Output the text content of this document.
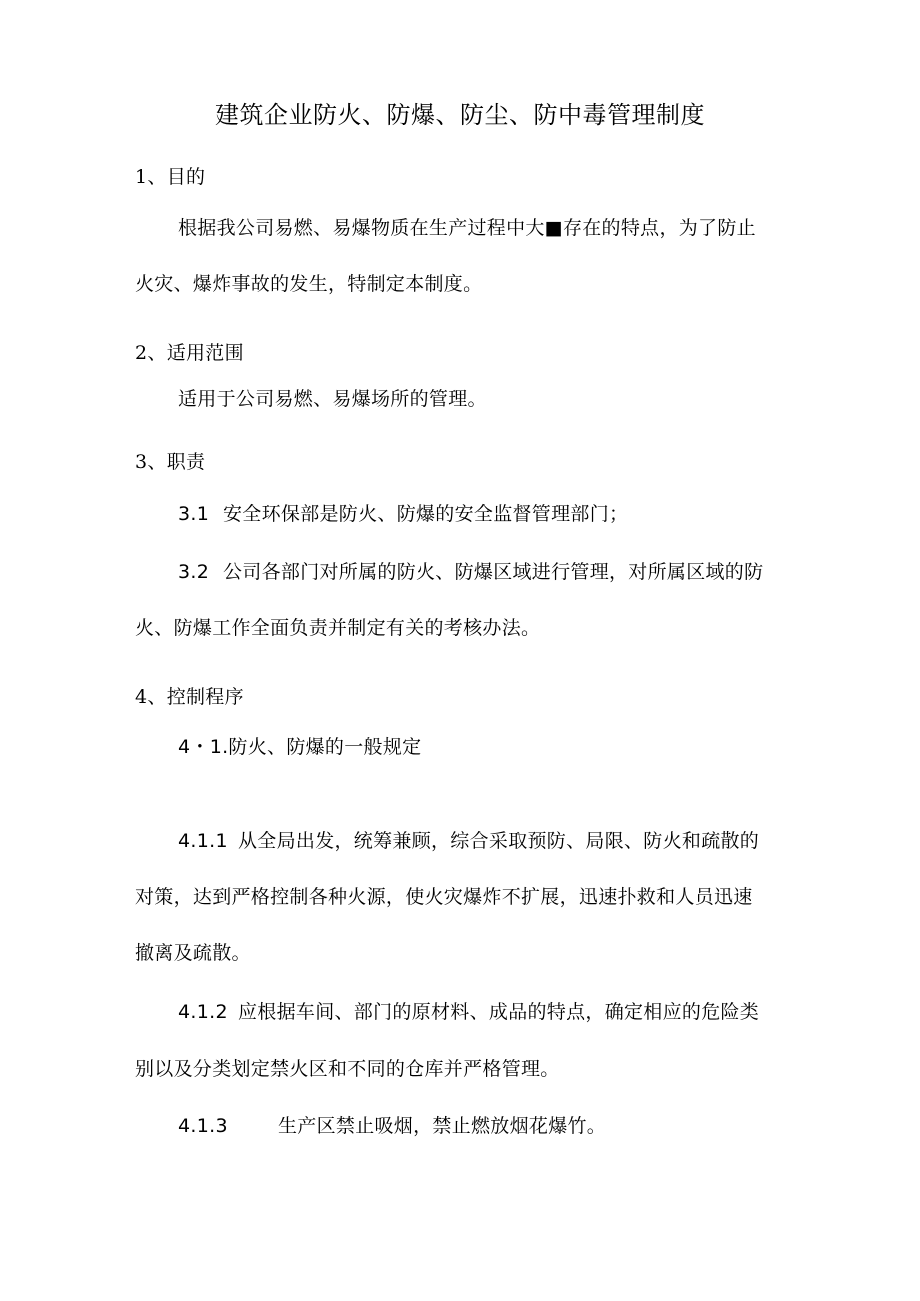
建筑企业防火、防爆、防尘、防中毒管理制度
1、目的
根据我公司易燃、易爆物质在生产过程中大■存在的特点，为了防止
火灾、爆炸事故的发生，特制定本制度。
2、适用范围
适用于公司易燃、易爆场所的管理。
3、职责
3.1 安全环保部是防火、防爆的安全监督管理部门；
3.2 公司各部门对所属的防火、防爆区域进行管理，对所属区域的防
火、防爆工作全面负责并制定有关的考核办法。
4、控制程序
4・1.防火、防爆的一般规定
4.1.1 从全局出发，统筹兼顾，综合采取预防、局限、防火和疏散的
对策，达到严格控制各种火源，使火灾爆炸不扩展，迅速扑救和人员迅速
撤离及疏散。
4.1.2 应根据车间、部门的原材料、成品的特点，确定相应的危险类
别以及分类划定禁火区和不同的仓库并严格管理。
4.1.3	生产区禁止吸烟，禁止燃放烟花爆竹。
